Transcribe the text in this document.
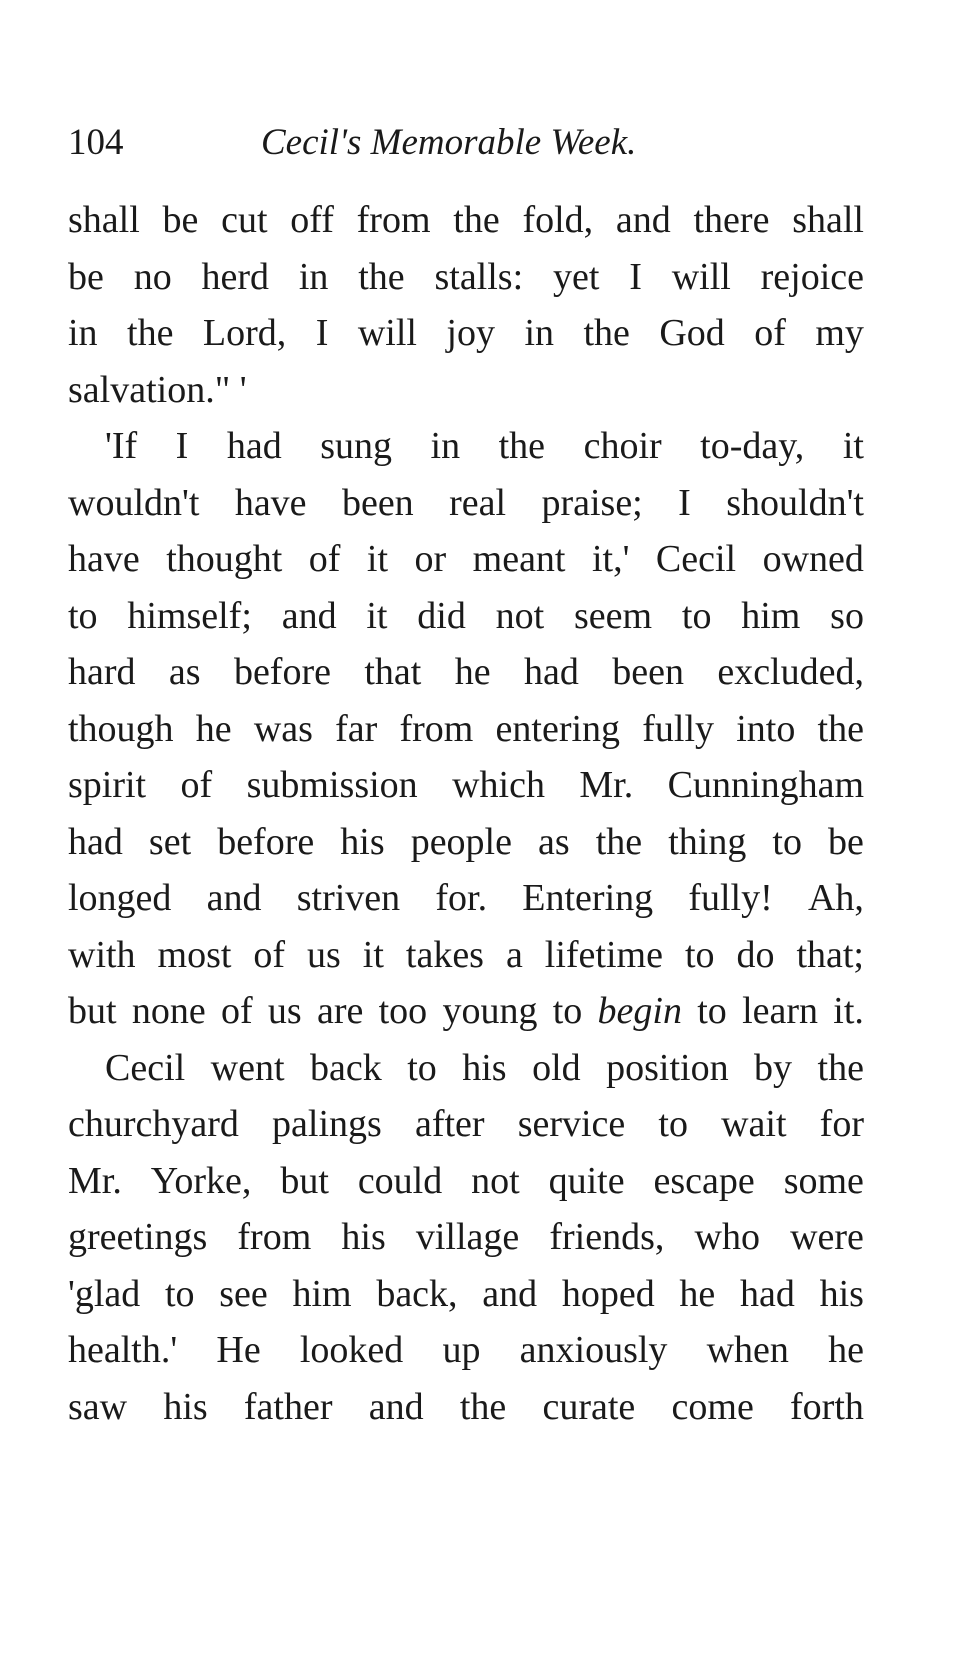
104	Cecil's Memorable Week.
shall be cut off from the fold, and there shall
be no herd in the stalls: yet I will rejoice
in the Lord, I will joy in the God of my
salvation." '
'If I had sung in the choir to-day, it
wouldn't have been real praise; I shouldn't
have thought of it or meant it,' Cecil owned
to himself; and it did not seem to him so
hard as before that he had been excluded,
though he was far from entering fully into the
spirit of submission which Mr. Cunningham
had set before his people as the thing to be
longed and striven for. Entering fully! Ah,
with most of us it takes a lifetime to do that;
but none of us are too young to begin to learn it.
Cecil went back to his old position by the
churchyard palings after service to wait for
Mr. Yorke, but could not quite escape some
greetings from his village friends, who were
'glad to see him back, and hoped he had his
health.' He looked up anxiously when he
saw his father and the curate come forth
